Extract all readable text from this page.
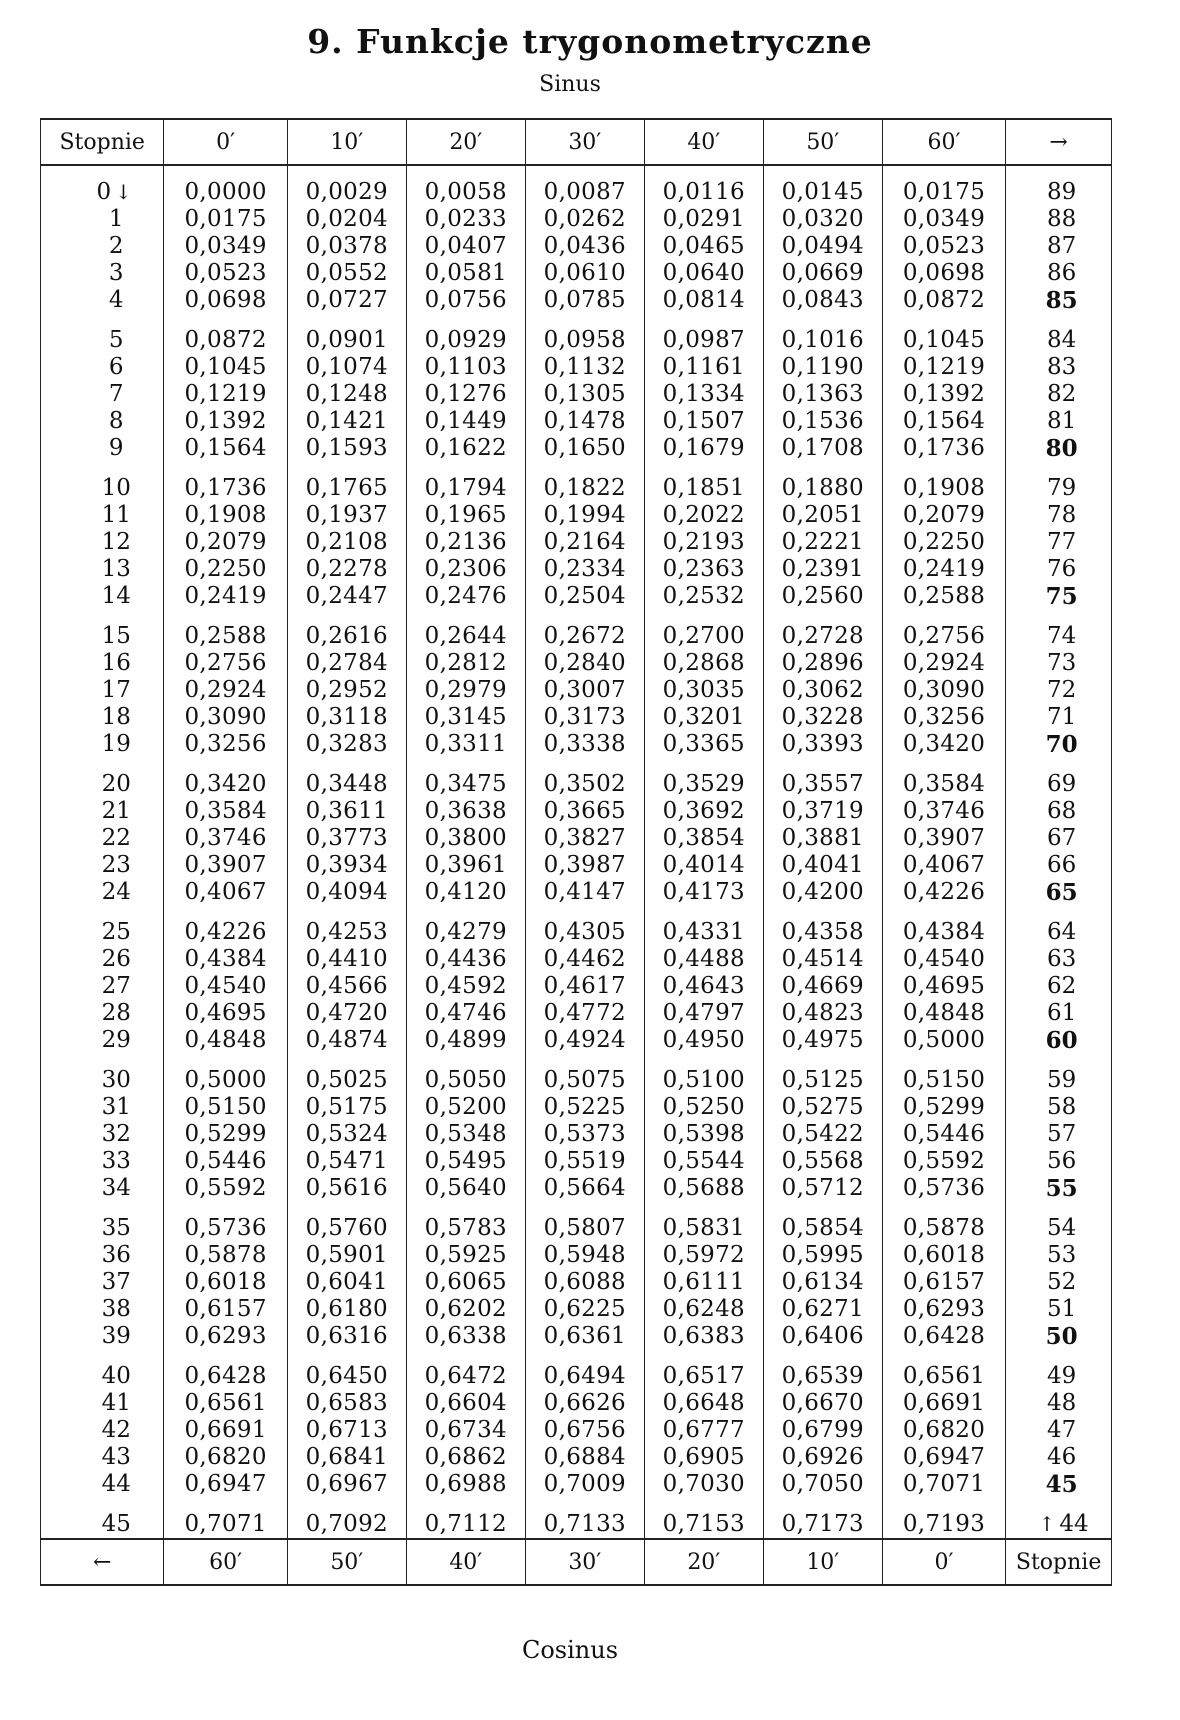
9. Funkcje trygonometryczne
Sinus
Stopnie	0′	10′	20′	30′	40′	50′	60′	→
0 ↓	0,0000	0,0029	0,0058	0,0087	0,0116	0,0145	0,0175	89
1	0,0175	0,0204	0,0233	0,0262	0,0291	0,0320	0,0349	88
2	0,0349	0,0378	0,0407	0,0436	0,0465	0,0494	0,0523	87
3	0,0523	0,0552	0,0581	0,0610	0,0640	0,0669	0,0698	86
4	0,0698	0,0727	0,0756	0,0785	0,0814	0,0843	0,0872	85
5	0,0872	0,0901	0,0929	0,0958	0,0987	0,1016	0,1045	84
6	0,1045	0,1074	0,1103	0,1132	0,1161	0,1190	0,1219	83
7	0,1219	0,1248	0,1276	0,1305	0,1334	0,1363	0,1392	82
8	0,1392	0,1421	0,1449	0,1478	0,1507	0,1536	0,1564	81
9	0,1564	0,1593	0,1622	0,1650	0,1679	0,1708	0,1736	80
10	0,1736	0,1765	0,1794	0,1822	0,1851	0,1880	0,1908	79
11	0,1908	0,1937	0,1965	0,1994	0,2022	0,2051	0,2079	78
12	0,2079	0,2108	0,2136	0,2164	0,2193	0,2221	0,2250	77
13	0,2250	0,2278	0,2306	0,2334	0,2363	0,2391	0,2419	76
14	0,2419	0,2447	0,2476	0,2504	0,2532	0,2560	0,2588	75
15	0,2588	0,2616	0,2644	0,2672	0,2700	0,2728	0,2756	74
16	0,2756	0,2784	0,2812	0,2840	0,2868	0,2896	0,2924	73
17	0,2924	0,2952	0,2979	0,3007	0,3035	0,3062	0,3090	72
18	0,3090	0,3118	0,3145	0,3173	0,3201	0,3228	0,3256	71
19	0,3256	0,3283	0,3311	0,3338	0,3365	0,3393	0,3420	70
20	0,3420	0,3448	0,3475	0,3502	0,3529	0,3557	0,3584	69
21	0,3584	0,3611	0,3638	0,3665	0,3692	0,3719	0,3746	68
22	0,3746	0,3773	0,3800	0,3827	0,3854	0,3881	0,3907	67
23	0,3907	0,3934	0,3961	0,3987	0,4014	0,4041	0,4067	66
24	0,4067	0,4094	0,4120	0,4147	0,4173	0,4200	0,4226	65
25	0,4226	0,4253	0,4279	0,4305	0,4331	0,4358	0,4384	64
26	0,4384	0,4410	0,4436	0,4462	0,4488	0,4514	0,4540	63
27	0,4540	0,4566	0,4592	0,4617	0,4643	0,4669	0,4695	62
28	0,4695	0,4720	0,4746	0,4772	0,4797	0,4823	0,4848	61
29	0,4848	0,4874	0,4899	0,4924	0,4950	0,4975	0,5000	60
30	0,5000	0,5025	0,5050	0,5075	0,5100	0,5125	0,5150	59
31	0,5150	0,5175	0,5200	0,5225	0,5250	0,5275	0,5299	58
32	0,5299	0,5324	0,5348	0,5373	0,5398	0,5422	0,5446	57
33	0,5446	0,5471	0,5495	0,5519	0,5544	0,5568	0,5592	56
34	0,5592	0,5616	0,5640	0,5664	0,5688	0,5712	0,5736	55
35	0,5736	0,5760	0,5783	0,5807	0,5831	0,5854	0,5878	54
36	0,5878	0,5901	0,5925	0,5948	0,5972	0,5995	0,6018	53
37	0,6018	0,6041	0,6065	0,6088	0,6111	0,6134	0,6157	52
38	0,6157	0,6180	0,6202	0,6225	0,6248	0,6271	0,6293	51
39	0,6293	0,6316	0,6338	0,6361	0,6383	0,6406	0,6428	50
40	0,6428	0,6450	0,6472	0,6494	0,6517	0,6539	0,6561	49
41	0,6561	0,6583	0,6604	0,6626	0,6648	0,6670	0,6691	48
42	0,6691	0,6713	0,6734	0,6756	0,6777	0,6799	0,6820	47
43	0,6820	0,6841	0,6862	0,6884	0,6905	0,6926	0,6947	46
44	0,6947	0,6967	0,6988	0,7009	0,7030	0,7050	0,7071	45
45	0,7071	0,7092	0,7112	0,7133	0,7153	0,7173	0,7193	↑ 44
←	60′	50′	40′	30′	20′	10′	0′	Stopnie
Cosinus
